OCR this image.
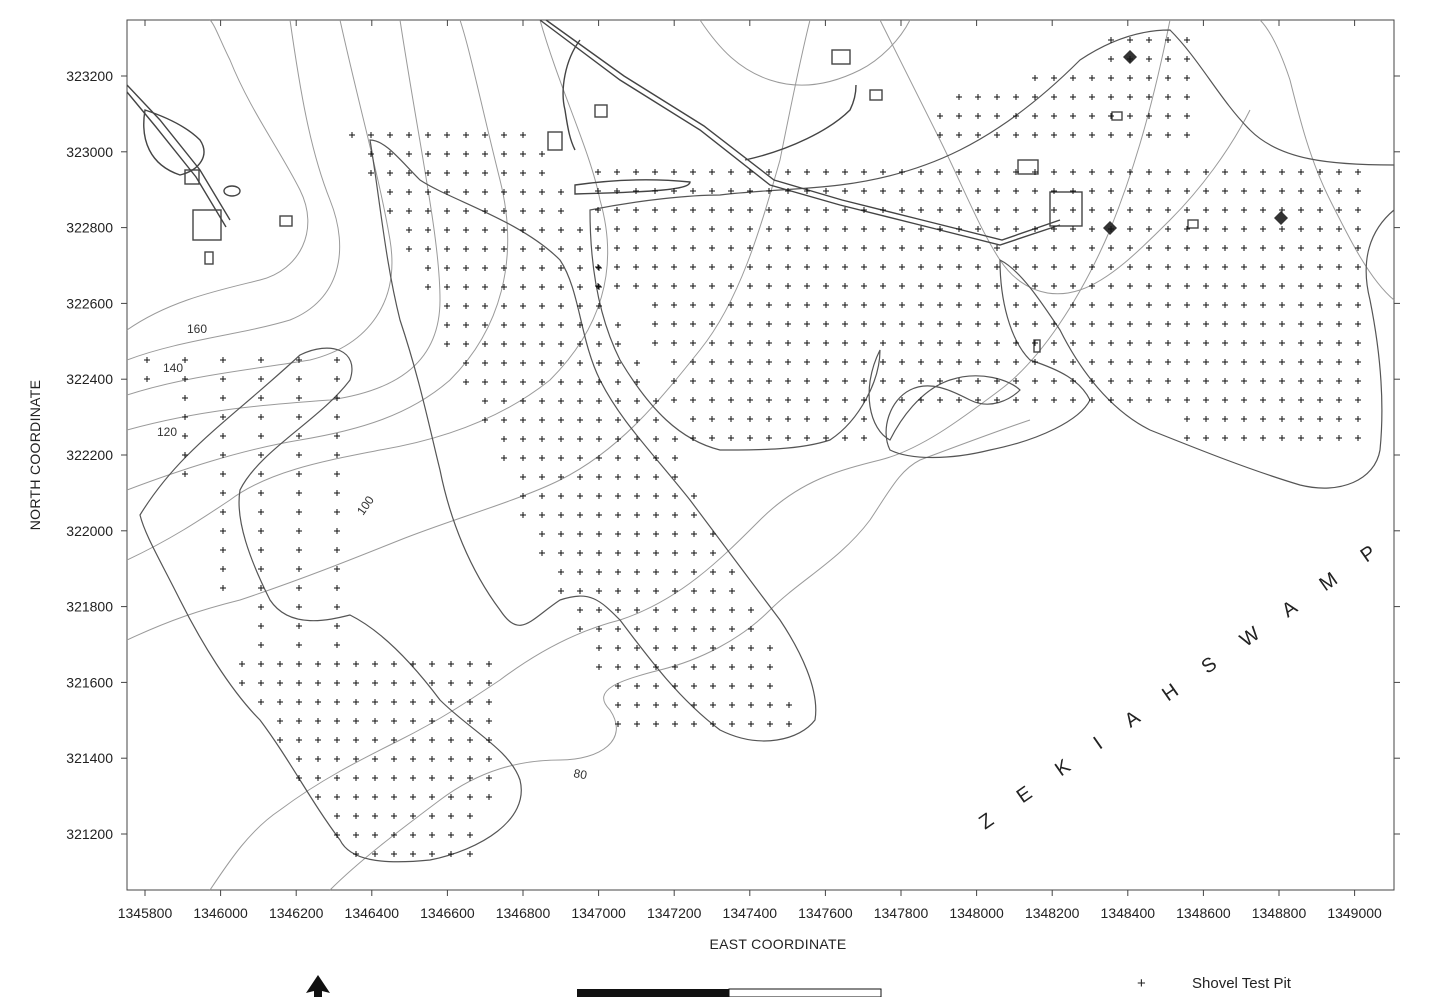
160
140
120
100
80	Z E K I A H S W A M P
1345800 1346000 1346200 1346400 1346600 1346800 1347000 1347200 1347400 1347600 1347800 1348000 1348200 1348400 1348600 1348800 1349000
323200
323000
322800
322600
322400
322200
322000
321800
321600
321400
321200
EAST COORDINATE
NORTH COORDINATE
+	Shovel Test Pit
